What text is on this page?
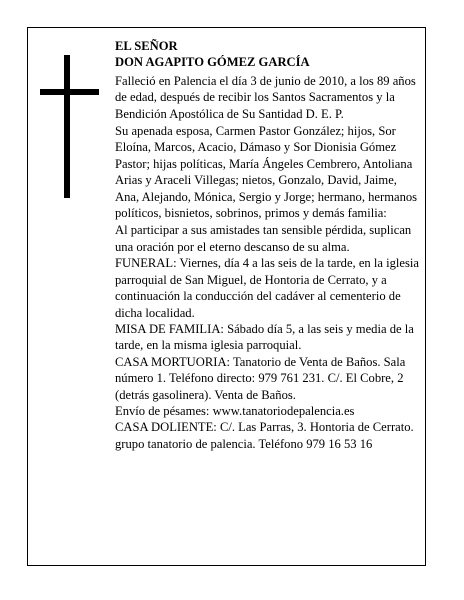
EL SEÑOR

DON AGAPITO GÓMEZ GARCÍA

Falleció en Palencia el día 3 de junio de 2010, a los 89 años de edad, después de recibir los Santos Sacramentos y la Bendición Apostólica de Su Santidad D. E. P.

Su apenada esposa, Carmen Pastor González; hijos, Sor Eloína, Marcos, Acacio, Dámaso y Sor Dionisia Gómez Pastor; hijas políticas, María Ángeles Cembrero, Antoliana Arias y Araceli Villegas; nietos, Gonzalo, David, Jaime, Ana, Alejando, Mónica, Sergio y Jorge; hermano, hermanos políticos, bisnietos, sobrinos, primos y demás familia:

Al participar a sus amistades tan sensible pérdida, suplican una oración por el eterno descanso de su alma.

FUNERAL: Viernes, día 4 a las seis de la tarde, en la iglesia parroquial de San Miguel, de Hontoria de Cerrato, y a continuación la conducción del cadáver al cementerio de dicha localidad.

MISA DE FAMILIA: Sábado día 5, a las seis y media de la tarde, en la misma iglesia parroquial.

CASA MORTUORIA: Tanatorio de Venta de Baños. Sala número 1. Teléfono directo: 979 761 231. C/. El Cobre, 2 (detrás gasolinera). Venta de Baños.

Envío de pésames: www.tanatoriodepalencia.es

CASA DOLIENTE: C/. Las Parras, 3. Hontoria de Cerrato.

grupo tanatorio de palencia. Teléfono 979 16 53 16
